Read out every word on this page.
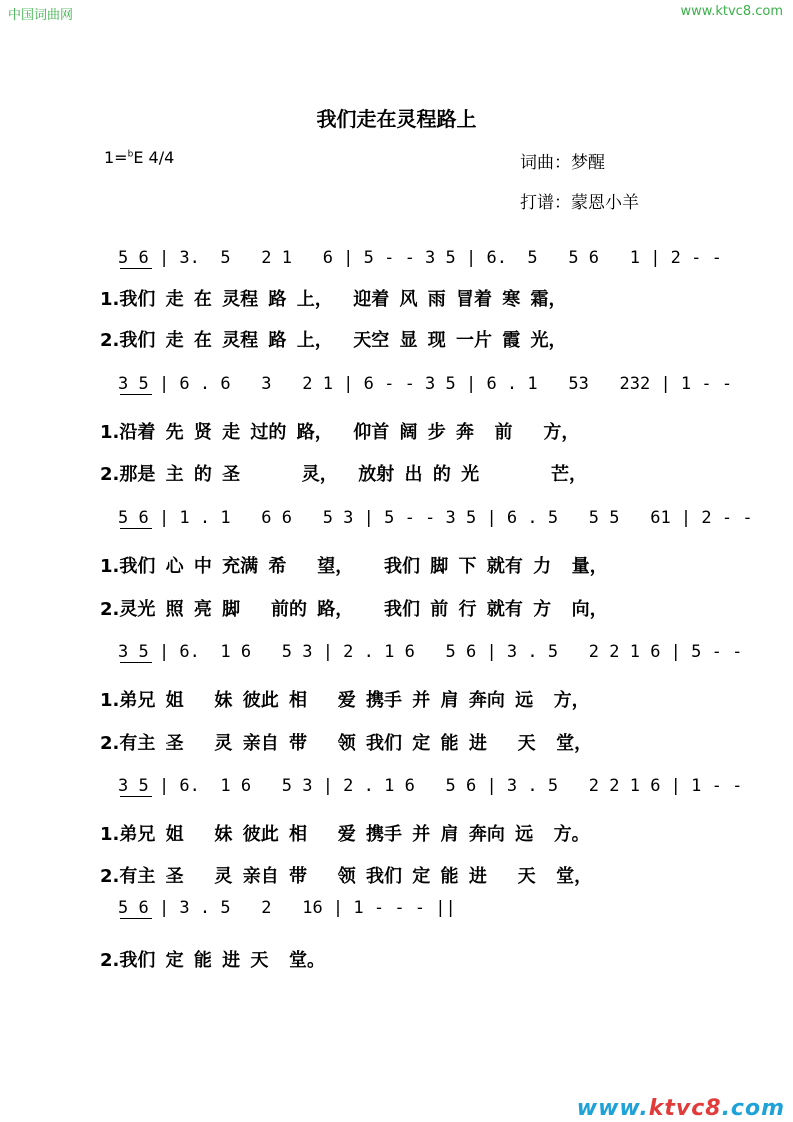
中国词曲网	www.ktvc8.com
我们走在灵程路上
1=$^b$E 4/4	词曲：梦醒
打谱：蒙恩小羊
5 6 | 3.  5   2 1   6 | 5 - - 3 5 | 6.  5   5 6   1 | 2 - -
1.我们 走 在 灵程 路 上，  迎着 风 雨 冒着 寒 霜，
2.我们 走 在 灵程 路 上，  天空 显 现 一片 霞 光，
3 5 | 6 . 6   3   2 1 | 6 - - 3 5 | 6 . 1   53   232 | 1 - -
1.沿着 先 贤 走 过的 路，  仰首 阔 步 奔  前   方，
2.那是 主 的 圣      灵，  放射 出 的 光       芒，
5 6 | 1 . 1   6 6   5 3 | 5 - - 3 5 | 6 . 5   5 5   61 | 2 - -
1.我们 心 中 充满 希   望，   我们 脚 下 就有 力  量，
2.灵光 照 亮 脚   前的 路，   我们 前 行 就有 方  向，
3 5 | 6.  1 6   5 3 | 2 . 1 6   5 6 | 3 . 5   2 2 1 6 | 5 - -
1.弟兄 姐   妹 彼此 相   爱 携手 并 肩 奔向 远  方，
2.有主 圣   灵 亲自 带   领 我们 定 能 进   天  堂，
3 5 | 6.  1 6   5 3 | 2 . 1 6   5 6 | 3 . 5   2 2 1 6 | 1 - -
1.弟兄 姐   妹 彼此 相   爱 携手 并 肩 奔向 远  方。
2.有主 圣   灵 亲自 带   领 我们 定 能 进   天  堂，
5 6 | 3 . 5   2   16 | 1 - - - ||
2.我们 定 能 进 天  堂。
www.ktvc8.com
